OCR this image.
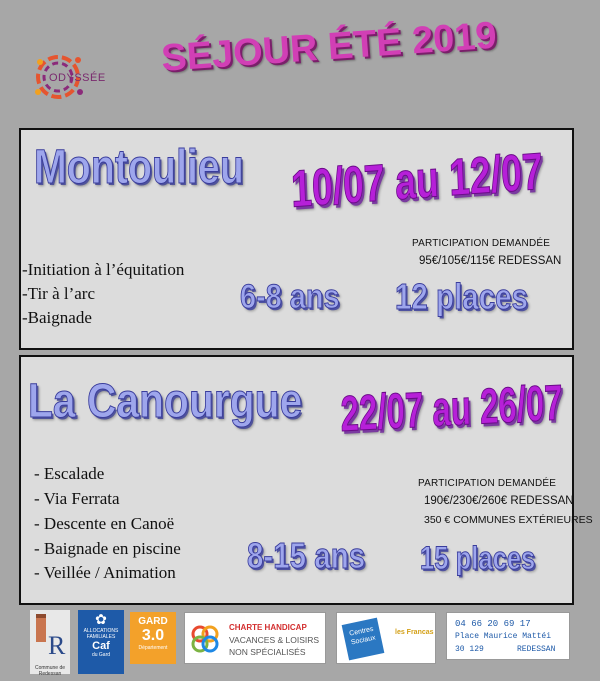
ODYSSÉE SÉJOUR ÉTÉ 2019
Montoulieu 10/07 au 12/07
PARTICIPATION DEMANDÉE
95€/105€/115€ REDESSAN
-Initiation à l’équitation
-Tir à l’arc
-Baignade
6-8 ans 12 places
La Canourgue 22/07 au 26/07
- Escalade
- Via Ferrata
- Descente en Canoë
- Baignade en piscine
- Veillée / Animation
PARTICIPATION DEMANDÉE
190€/230€/260€ REDESSAN
350 € COMMUNES EXTÉRIEURES
8-15 ans 15 places
R
Commune de Redessan
✿
ALLOCATIONS
FAMILIALES
Caf
du Gard
GARD
3.0
Département
CHARTE HANDICAP
VACANCES & LOISIRS
NON SPÉCIALISÉS
Centres Sociaux
les Francas
04 66 20 69 17
Place Maurice Mattéi
30 129	REDESSAN
